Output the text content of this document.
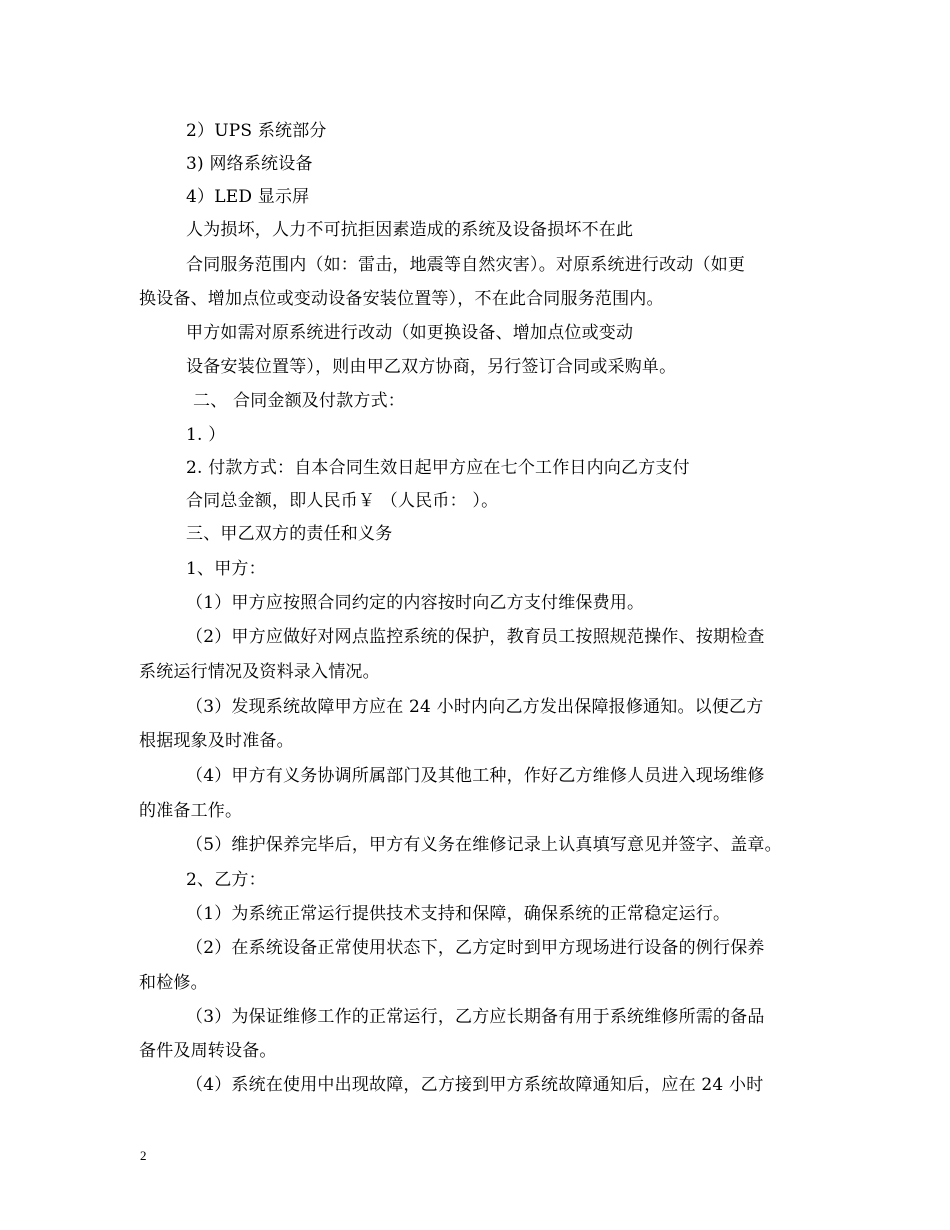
2）UPS 系统部分
3) 网络系统设备
4）LED 显示屏
人为损坏，人力不可抗拒因素造成的系统及设备损坏不在此
合同服务范围内（如：雷击，地震等自然灾害）。对原系统进行改动（如更
换设备、增加点位或变动设备安装位置等），不在此合同服务范围内。
甲方如需对原系统进行改动（如更换设备、增加点位或变动
设备安装位置等），则由甲乙双方协商，另行签订合同或采购单。
二、 合同金额及付款方式：
1. ）
2. 付款方式：自本合同生效日起甲方应在七个工作日内向乙方支付
合同总金额，即人民币￥ （人民币： ）。
三、甲乙双方的责任和义务
1、甲方：
（1）甲方应按照合同约定的内容按时向乙方支付维保费用。
（2）甲方应做好对网点监控系统的保护，教育员工按照规范操作、按期检查
系统运行情况及资料录入情况。
（3）发现系统故障甲方应在 24 小时内向乙方发出保障报修通知。以便乙方
根据现象及时准备。
（4）甲方有义务协调所属部门及其他工种，作好乙方维修人员进入现场维修
的准备工作。
（5）维护保养完毕后，甲方有义务在维修记录上认真填写意见并签字、盖章。
2、乙方：
（1）为系统正常运行提供技术支持和保障，确保系统的正常稳定运行。
（2）在系统设备正常使用状态下，乙方定时到甲方现场进行设备的例行保养
和检修。
（3）为保证维修工作的正常运行，乙方应长期备有用于系统维修所需的备品
备件及周转设备。
（4）系统在使用中出现故障，乙方接到甲方系统故障通知后，应在 24 小时
2
